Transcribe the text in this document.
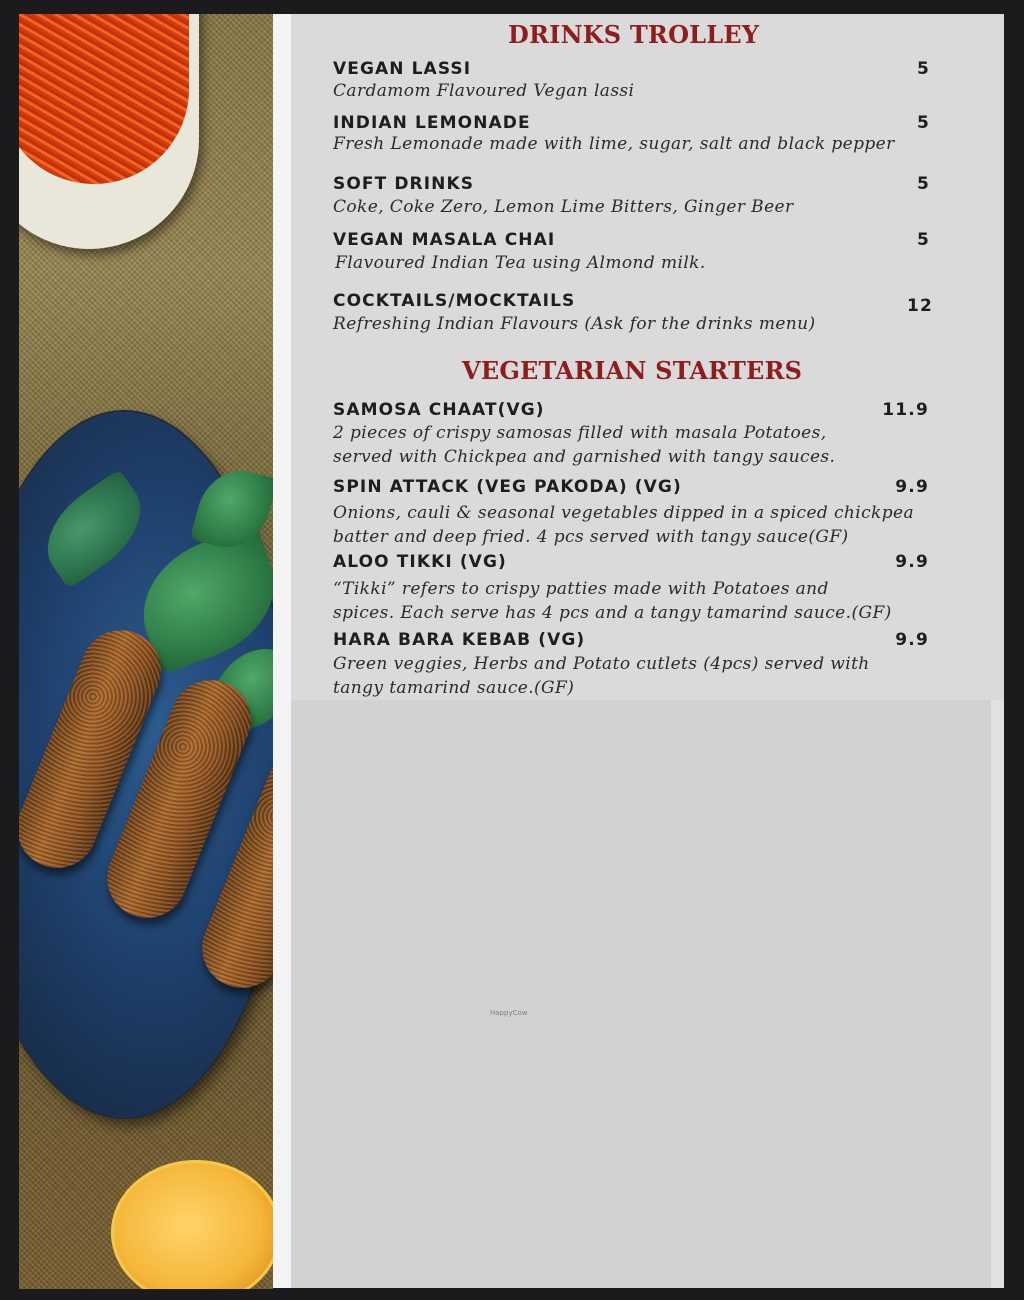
DRINKS TROLLEY
VEGAN LASSI	5
Cardamom Flavoured Vegan lassi
INDIAN LEMONADE	5
Fresh Lemonade made with lime, sugar, salt and black pepper
SOFT DRINKS	5
Coke, Coke Zero, Lemon Lime Bitters, Ginger Beer
VEGAN MASALA CHAI	5
Flavoured Indian Tea using Almond milk.
COCKTAILS/MOCKTAILS	12
Refreshing Indian Flavours (Ask for the drinks menu)
VEGETARIAN STARTERS
SAMOSA CHAAT(VG)	11.9
2 pieces of crispy samosas filled with masala Potatoes,
served with Chickpea and garnished with tangy sauces.
SPIN ATTACK (VEG PAKODA) (VG)	9.9
Onions, cauli & seasonal vegetables dipped in a spiced chickpea
batter and deep fried. 4 pcs served with tangy sauce(GF)
ALOO TIKKI (VG)	9.9
“Tikki” refers to crispy patties made with Potatoes and
spices. Each serve has 4 pcs and a tangy tamarind sauce.(GF)
HARA BARA KEBAB (VG)	9.9
Green veggies, Herbs and Potato cutlets (4pcs) served with
tangy tamarind sauce.(GF)
HappyCow
